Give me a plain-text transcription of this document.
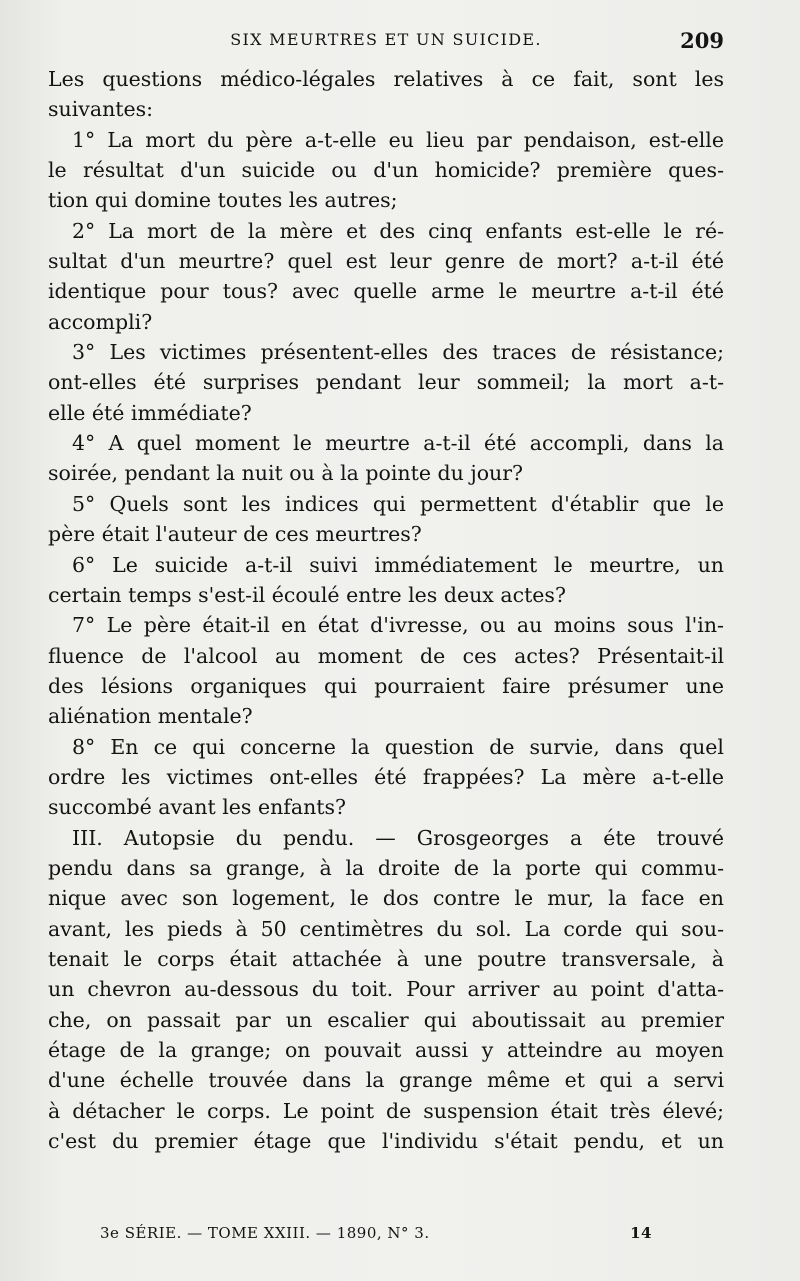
SIX MEURTRES ET UN SUICIDE.	209
Les questions médico-légales relatives à ce fait, sont les
suivantes:
1° La mort du père a-t-elle eu lieu par pendaison, est-elle
le résultat d'un suicide ou d'un homicide? première ques-
tion qui domine toutes les autres;
2° La mort de la mère et des cinq enfants est-elle le ré-
sultat d'un meurtre? quel est leur genre de mort? a-t-il été
identique pour tous? avec quelle arme le meurtre a-t-il été
accompli?
3° Les victimes présentent-elles des traces de résistance;
ont-elles été surprises pendant leur sommeil; la mort a-t-
elle été immédiate?
4° A quel moment le meurtre a-t-il été accompli, dans la
soirée, pendant la nuit ou à la pointe du jour?
5° Quels sont les indices qui permettent d'établir que le
père était l'auteur de ces meurtres?
6° Le suicide a-t-il suivi immédiatement le meurtre, un
certain temps s'est-il écoulé entre les deux actes?
7° Le père était-il en état d'ivresse, ou au moins sous l'in-
fluence de l'alcool au moment de ces actes? Présentait-il
des lésions organiques qui pourraient faire présumer une
aliénation mentale?
8° En ce qui concerne la question de survie, dans quel
ordre les victimes ont-elles été frappées? La mère a-t-elle
succombé avant les enfants?
III. Autopsie du pendu. — Grosgeorges a éte trouvé
pendu dans sa grange, à la droite de la porte qui commu-
nique avec son logement, le dos contre le mur, la face en
avant, les pieds à 50 centimètres du sol. La corde qui sou-
tenait le corps était attachée à une poutre transversale, à
un chevron au-dessous du toit. Pour arriver au point d'atta-
che, on passait par un escalier qui aboutissait au premier
étage de la grange; on pouvait aussi y atteindre au moyen
d'une échelle trouvée dans la grange même et qui a servi
à détacher le corps. Le point de suspension était très élevé;
c'est du premier étage que l'individu s'était pendu, et un
3e SÉRIE. — TOME XXIII. — 1890, N° 3.	14
